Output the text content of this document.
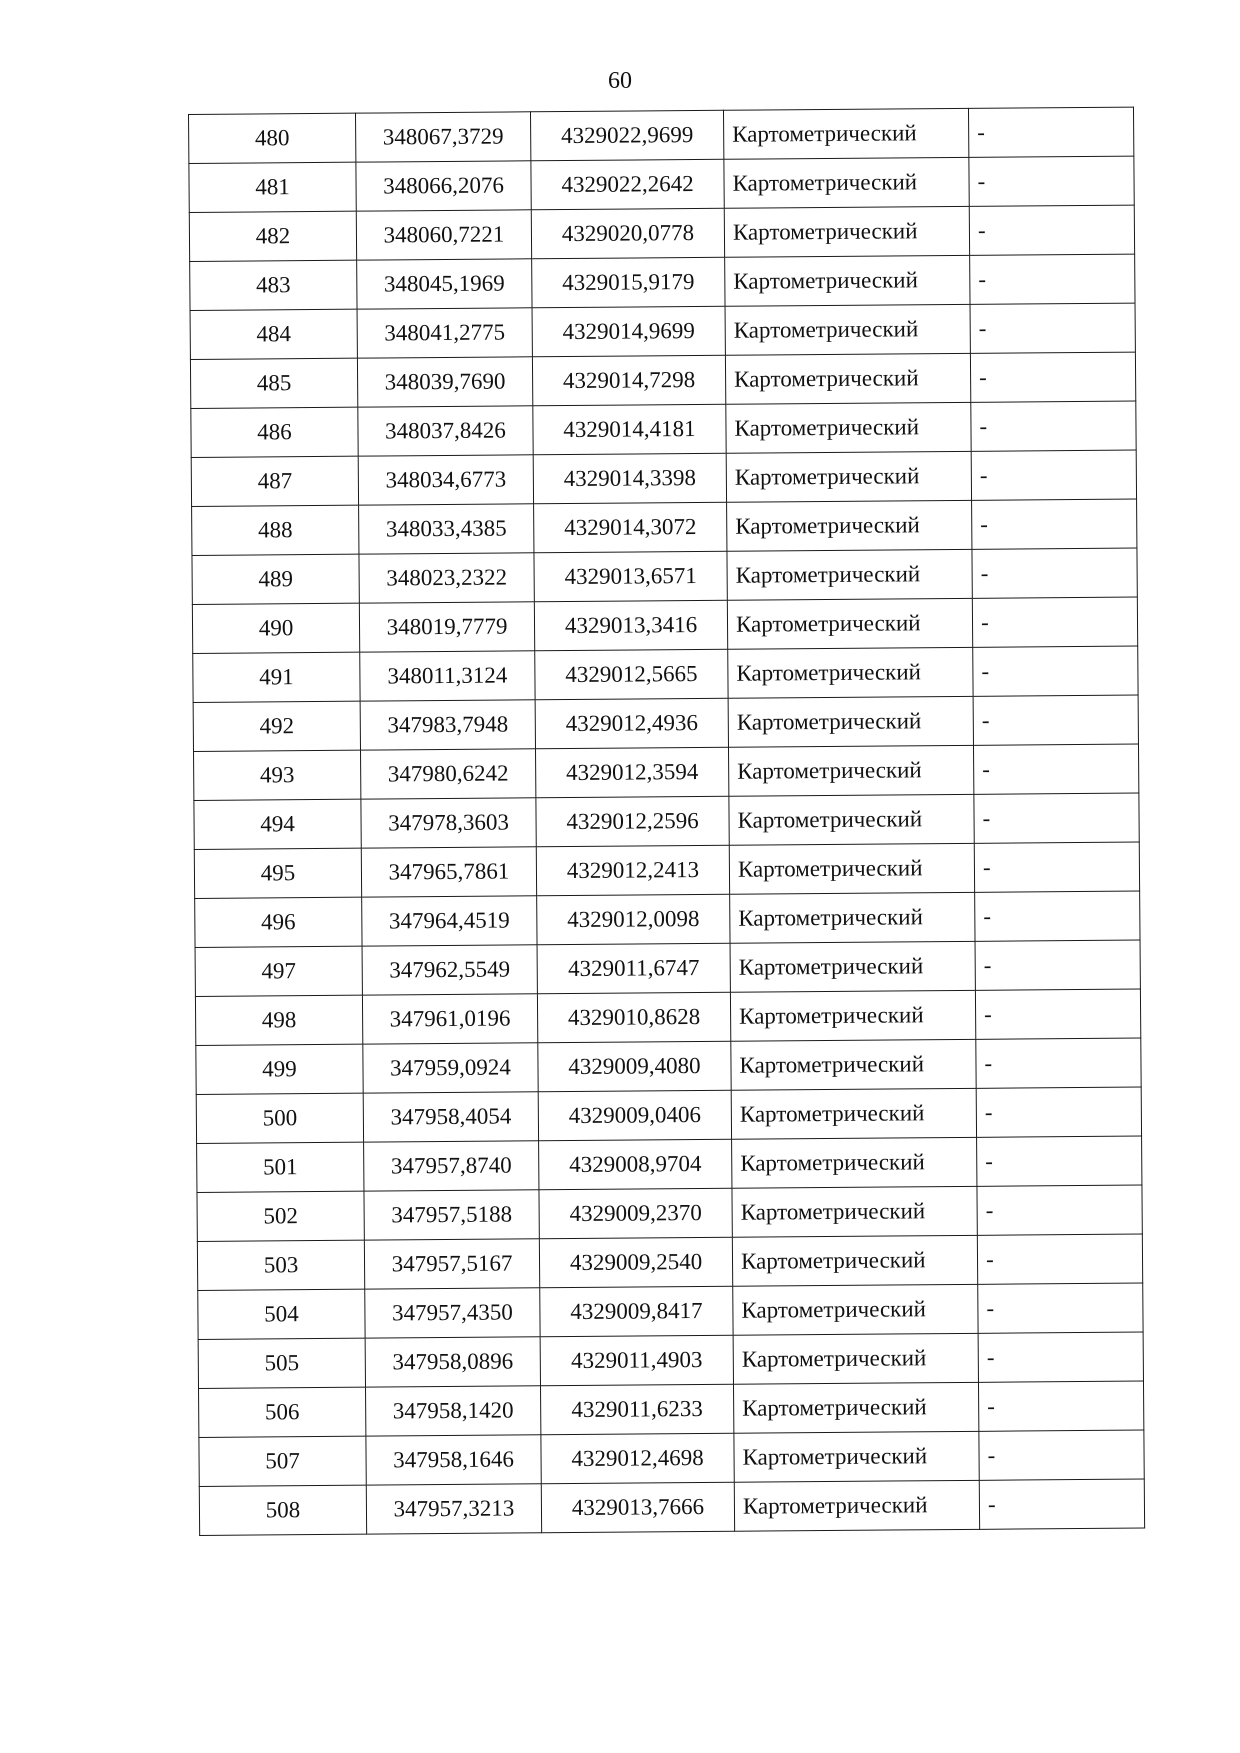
60
480	348067,3729	4329022,9699	Картометрический	-
481	348066,2076	4329022,2642	Картометрический	-
482	348060,7221	4329020,0778	Картометрический	-
483	348045,1969	4329015,9179	Картометрический	-
484	348041,2775	4329014,9699	Картометрический	-
485	348039,7690	4329014,7298	Картометрический	-
486	348037,8426	4329014,4181	Картометрический	-
487	348034,6773	4329014,3398	Картометрический	-
488	348033,4385	4329014,3072	Картометрический	-
489	348023,2322	4329013,6571	Картометрический	-
490	348019,7779	4329013,3416	Картометрический	-
491	348011,3124	4329012,5665	Картометрический	-
492	347983,7948	4329012,4936	Картометрический	-
493	347980,6242	4329012,3594	Картометрический	-
494	347978,3603	4329012,2596	Картометрический	-
495	347965,7861	4329012,2413	Картометрический	-
496	347964,4519	4329012,0098	Картометрический	-
497	347962,5549	4329011,6747	Картометрический	-
498	347961,0196	4329010,8628	Картометрический	-
499	347959,0924	4329009,4080	Картометрический	-
500	347958,4054	4329009,0406	Картометрический	-
501	347957,8740	4329008,9704	Картометрический	-
502	347957,5188	4329009,2370	Картометрический	-
503	347957,5167	4329009,2540	Картометрический	-
504	347957,4350	4329009,8417	Картометрический	-
505	347958,0896	4329011,4903	Картометрический	-
506	347958,1420	4329011,6233	Картометрический	-
507	347958,1646	4329012,4698	Картометрический	-
508	347957,3213	4329013,7666	Картометрический	-
